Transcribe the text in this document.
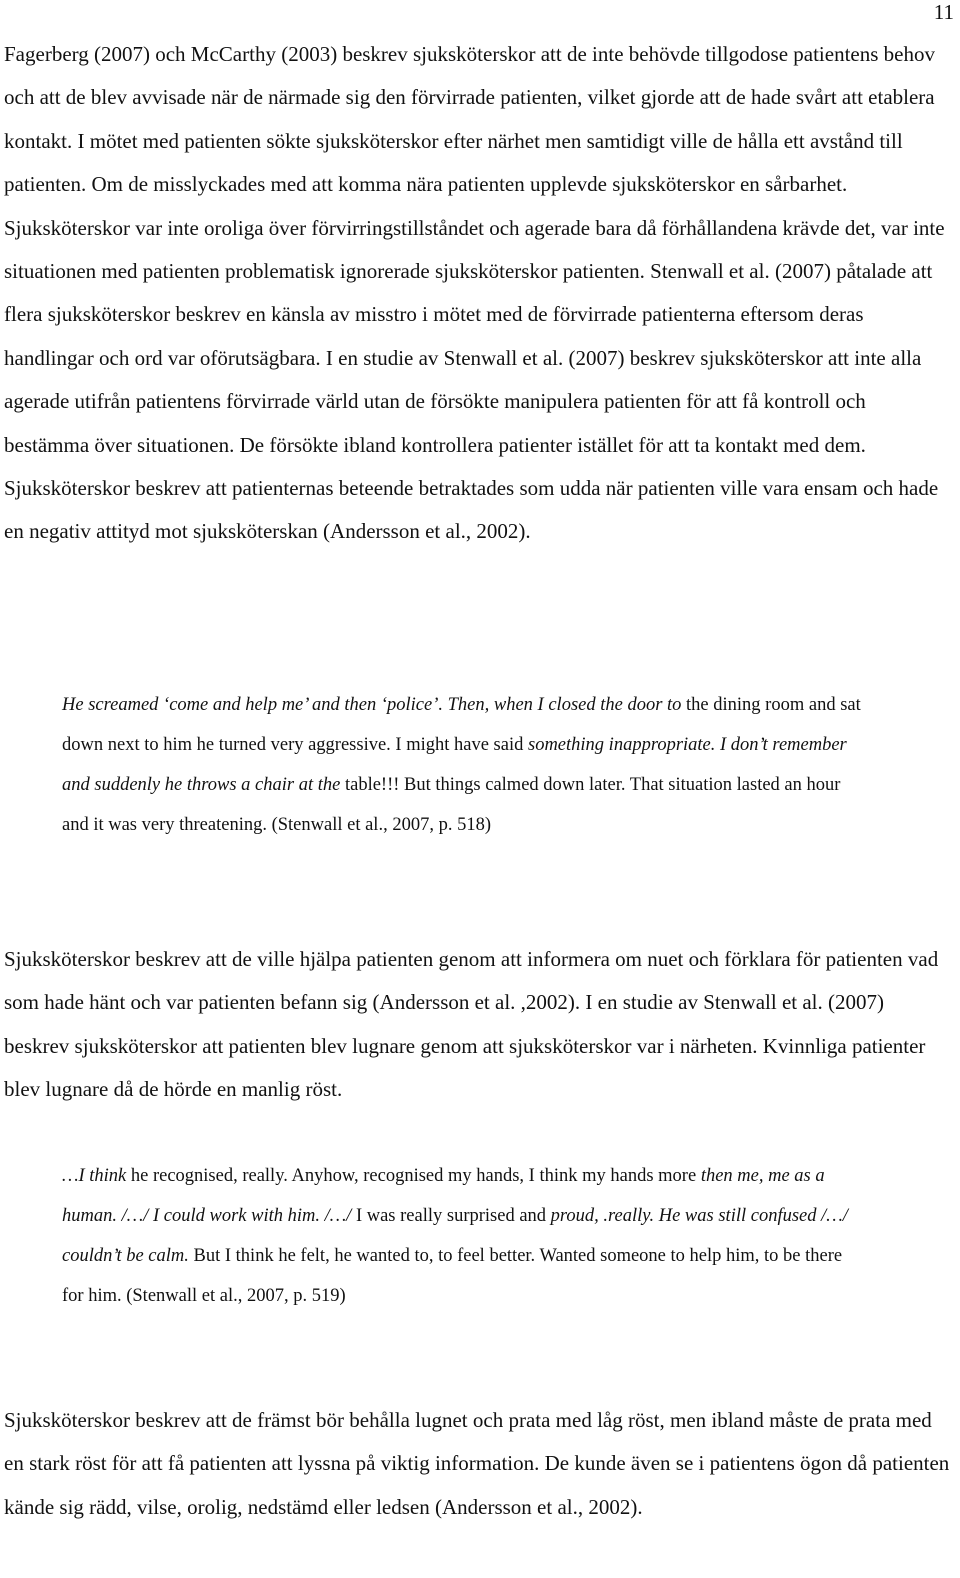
11

Fagerberg (2007) och McCarthy (2003) beskrev sjuksköterskor att de inte behövde tillgodose patientens behov och att de blev avvisade när de närmade sig den förvirrade patienten, vilket gjorde att de hade svårt att etablera kontakt. I mötet med patienten sökte sjuksköterskor efter närhet men samtidigt ville de hålla ett avstånd till patienten. Om de misslyckades med att komma nära patienten upplevde sjuksköterskor en sårbarhet. Sjuksköterskor var inte oroliga över förvirringstillståndet och agerade bara då förhållandena krävde det, var inte situationen med patienten problematisk ignorerade sjuksköterskor patienten. Stenwall et al. (2007) påtalade att flera sjuksköterskor beskrev en känsla av misstro i mötet med de förvirrade patienterna eftersom deras handlingar och ord var oförutsägbara. I en studie av Stenwall et al. (2007) beskrev sjuksköterskor att inte alla agerade utifrån patientens förvirrade värld utan de försökte manipulera patienten för att få kontroll och bestämma över situationen. De försökte ibland kontrollera patienter istället för att ta kontakt med dem. Sjuksköterskor beskrev att patienternas beteende betraktades som udda när patienten ville vara ensam och hade en negativ attityd mot sjuksköterskan (Andersson et al., 2002).

He screamed ‘come and help me’ and then ‘police’. Then, when I closed the door to the dining room and sat down next to him he turned very aggressive. I might have said something inappropriate. I don’t remember and suddenly he throws a chair at the table!!! But things calmed down later. That situation lasted an hour and it was very threatening. (Stenwall et al., 2007, p. 518)

Sjuksköterskor beskrev att de ville hjälpa patienten genom att informera om nuet och förklara för patienten vad som hade hänt och var patienten befann sig (Andersson et al. ,2002). I en studie av Stenwall et al. (2007) beskrev sjuksköterskor att patienten blev lugnare genom att sjuksköterskor var i närheten. Kvinnliga patienter blev lugnare då de hörde en manlig röst.

…I think he recognised, really. Anyhow, recognised my hands, I think my hands more then me, me as a human. /…/ I could work with him. /…/ I was really surprised and proud, .really. He was still confused /…/ couldn’t be calm. But I think he felt, he wanted to, to feel better. Wanted someone to help him, to be there for him. (Stenwall et al., 2007, p. 519)

Sjuksköterskor beskrev att de främst bör behålla lugnet och prata med låg röst, men ibland måste de prata med en stark röst för att få patienten att lyssna på viktig information. De kunde även se i patientens ögon då patienten kände sig rädd, vilse, orolig, nedstämd eller ledsen (Andersson et al., 2002).
